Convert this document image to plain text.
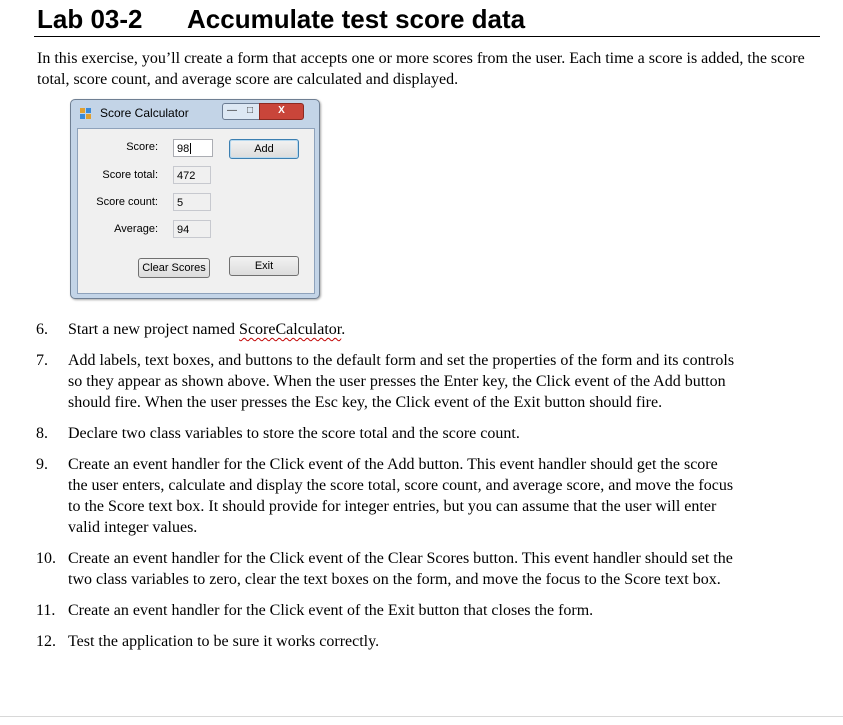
Lab 03-2 Accumulate test score data

In this exercise, you’ll create a form that accepts one or more scores from the user. Each time a score is added, the score total, score count, and average score are calculated and displayed.

Score Calculator	— □	X
Score:	98	Add
Score total:	472
Score count:	5
Average:	94
Clear Scores	Exit
6. Start a new project named ScoreCalculator.
7. Add labels, text boxes, and buttons to the default form and set the properties of the form and its controls so they appear as shown above. When the user presses the Enter key, the Click event of the Add button should fire. When the user presses the Esc key, the Click event of the Exit button should fire.
8. Declare two class variables to store the score total and the score count.
9. Create an event handler for the Click event of the Add button. This event handler should get the score the user enters, calculate and display the score total, score count, and average score, and move the focus to the Score text box. It should provide for integer entries, but you can assume that the user will enter valid integer values.
10. Create an event handler for the Click event of the Clear Scores button. This event handler should set the two class variables to zero, clear the text boxes on the form, and move the focus to the Score text box.
11. Create an event handler for the Click event of the Exit button that closes the form.
12. Test the application to be sure it works correctly.
